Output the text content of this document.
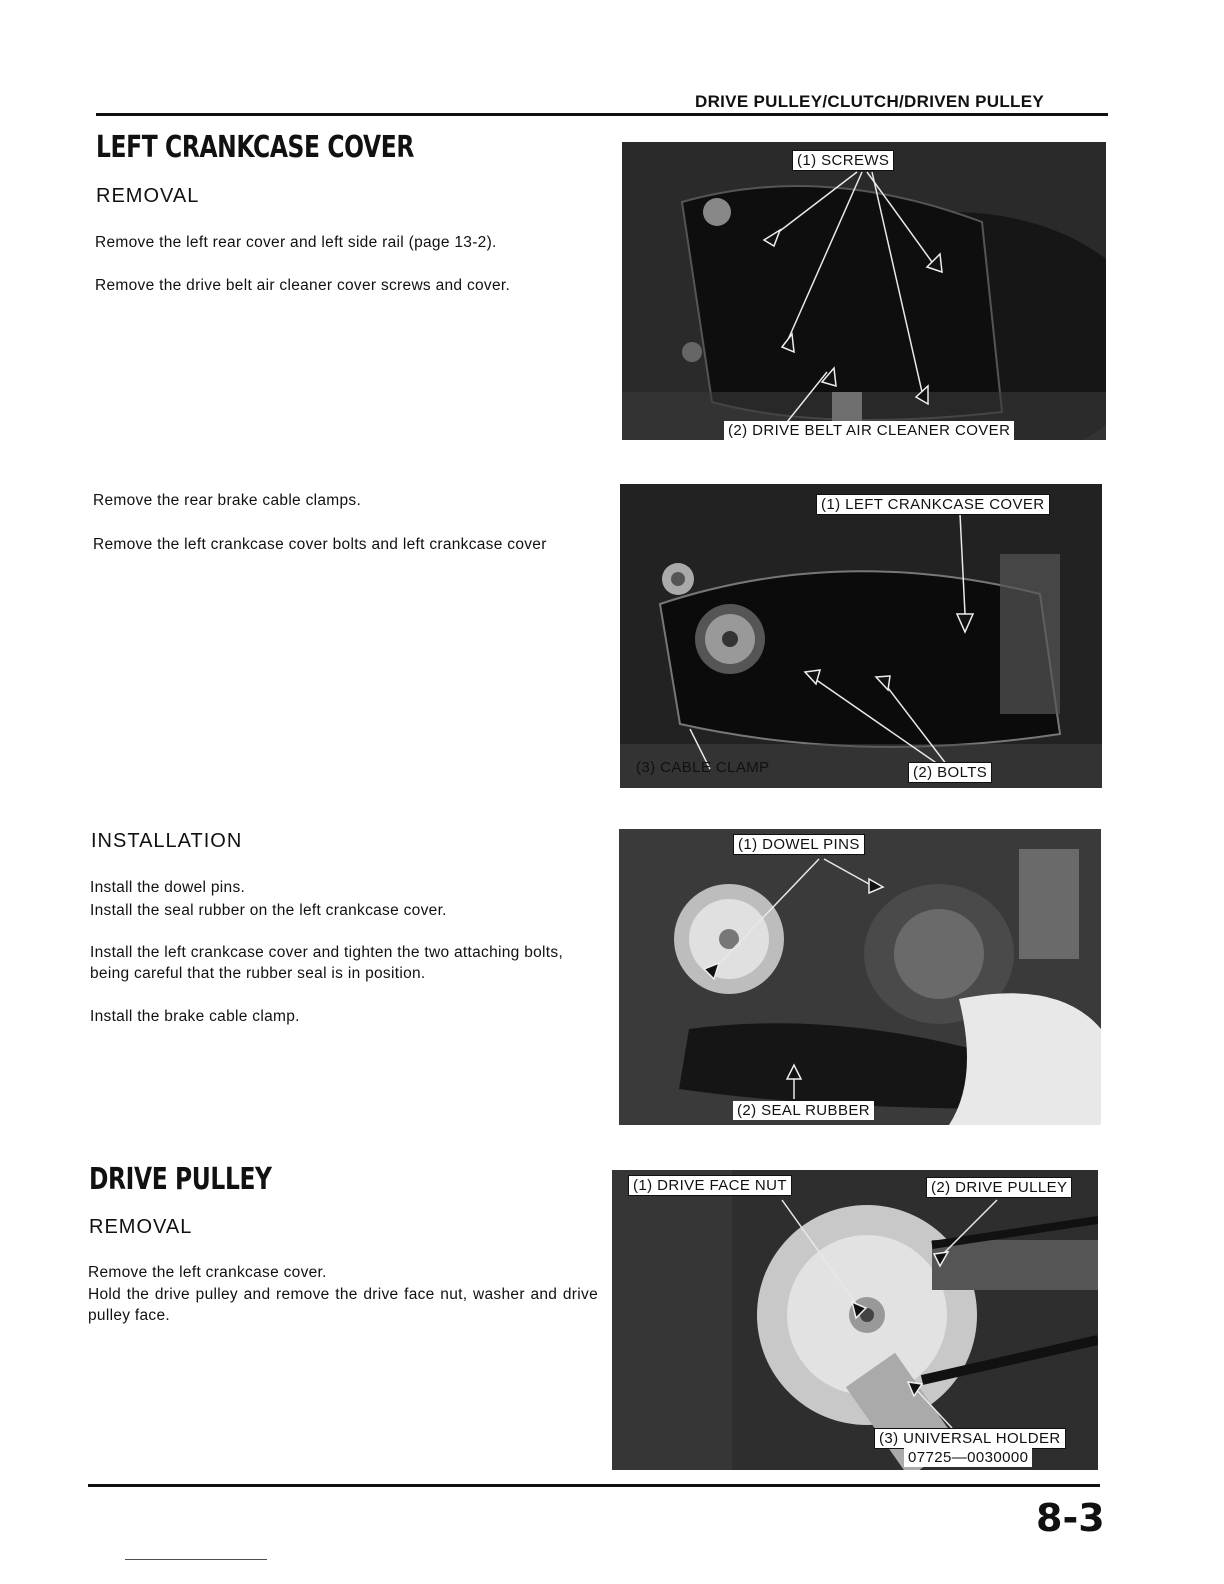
DRIVE PULLEY/CLUTCH/DRIVEN PULLEY
LEFT CRANKCASE COVER
REMOVAL
Remove the left rear cover and left side rail (page 13-2).
Remove the drive belt air cleaner cover screws and cover.
Remove the rear brake cable clamps.
Remove the left crankcase cover bolts and left crankcase cover
INSTALLATION
Install the dowel pins.
Install the seal rubber on the left crankcase cover.
Install the left crankcase cover and tighten the two attaching bolts, being careful that the rubber seal is in position.
Install the brake cable clamp.
DRIVE PULLEY
REMOVAL
Remove the left crankcase cover.
Hold the drive pulley and remove the drive face nut, washer and drive pulley face.
(1) SCREWS
(2) DRIVE BELT AIR CLEANER COVER
(1) LEFT CRANKCASE COVER
(2) BOLTS
(3) CABLE CLAMP
(1) DOWEL PINS
(2) SEAL RUBBER
(1) DRIVE FACE NUT	(2) DRIVE PULLEY
(3) UNIVERSAL HOLDER
07725—0030000
8-3
